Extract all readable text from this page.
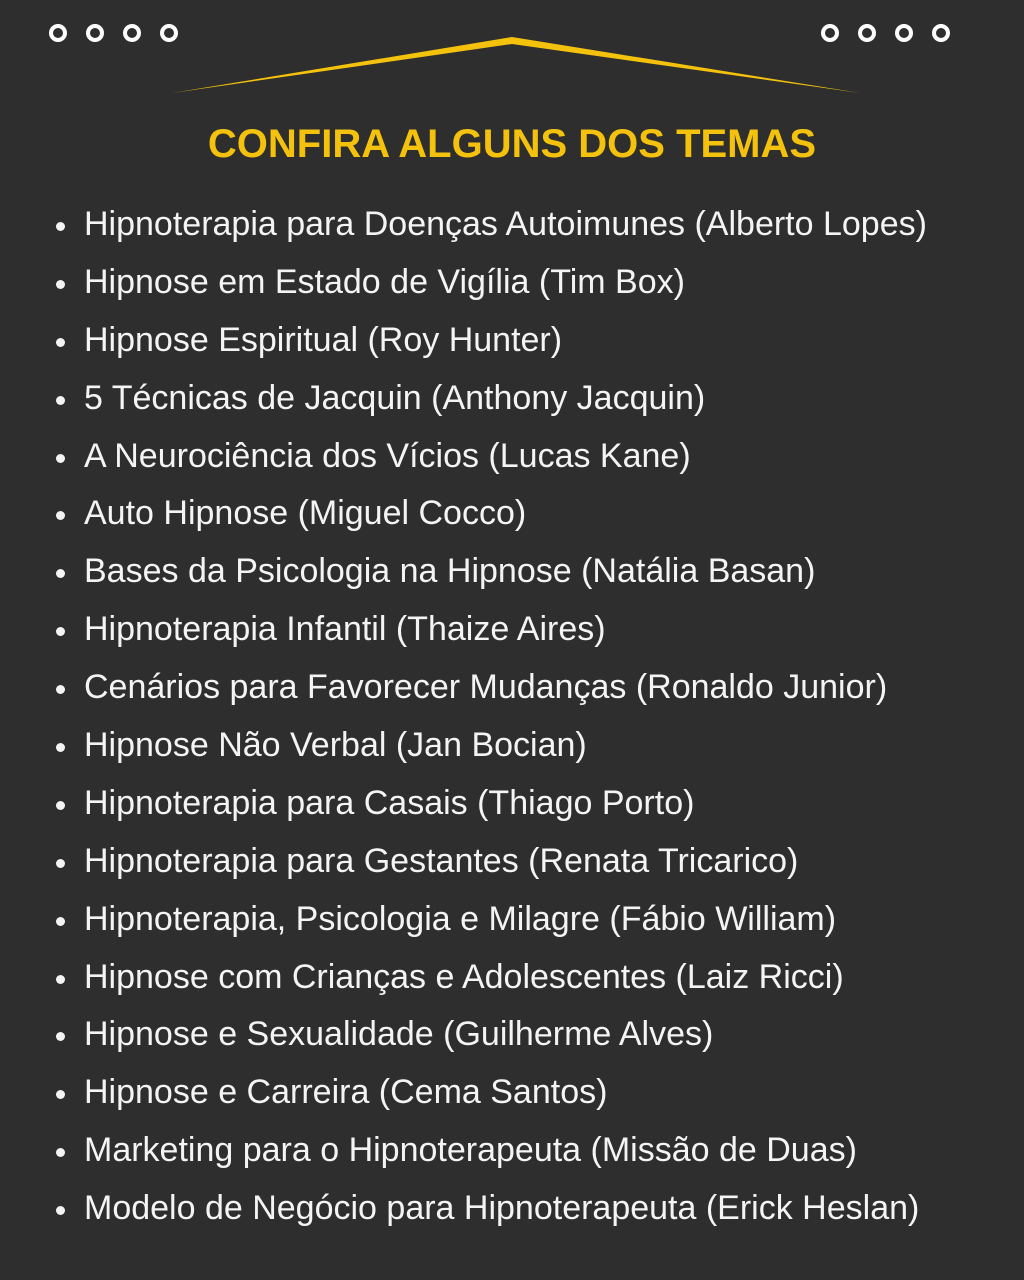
CONFIRA ALGUNS DOS TEMAS
Hipnoterapia para Doenças Autoimunes (Alberto Lopes)
Hipnose em Estado de Vigília (Tim Box)
Hipnose Espiritual (Roy Hunter)
5 Técnicas de Jacquin (Anthony Jacquin)
A Neurociência dos Vícios (Lucas Kane)
Auto Hipnose (Miguel Cocco)
Bases da Psicologia na Hipnose (Natália Basan)
Hipnoterapia Infantil (Thaize Aires)
Cenários para Favorecer Mudanças (Ronaldo Junior)
Hipnose Não Verbal (Jan Bocian)
Hipnoterapia para Casais (Thiago Porto)
Hipnoterapia para Gestantes (Renata Tricarico)
Hipnoterapia, Psicologia e Milagre (Fábio William)
Hipnose com Crianças e Adolescentes (Laiz Ricci)
Hipnose e Sexualidade (Guilherme Alves)
Hipnose e Carreira (Cema Santos)
Marketing para o Hipnoterapeuta (Missão de Duas)
Modelo de Negócio para Hipnoterapeuta (Erick Heslan)
